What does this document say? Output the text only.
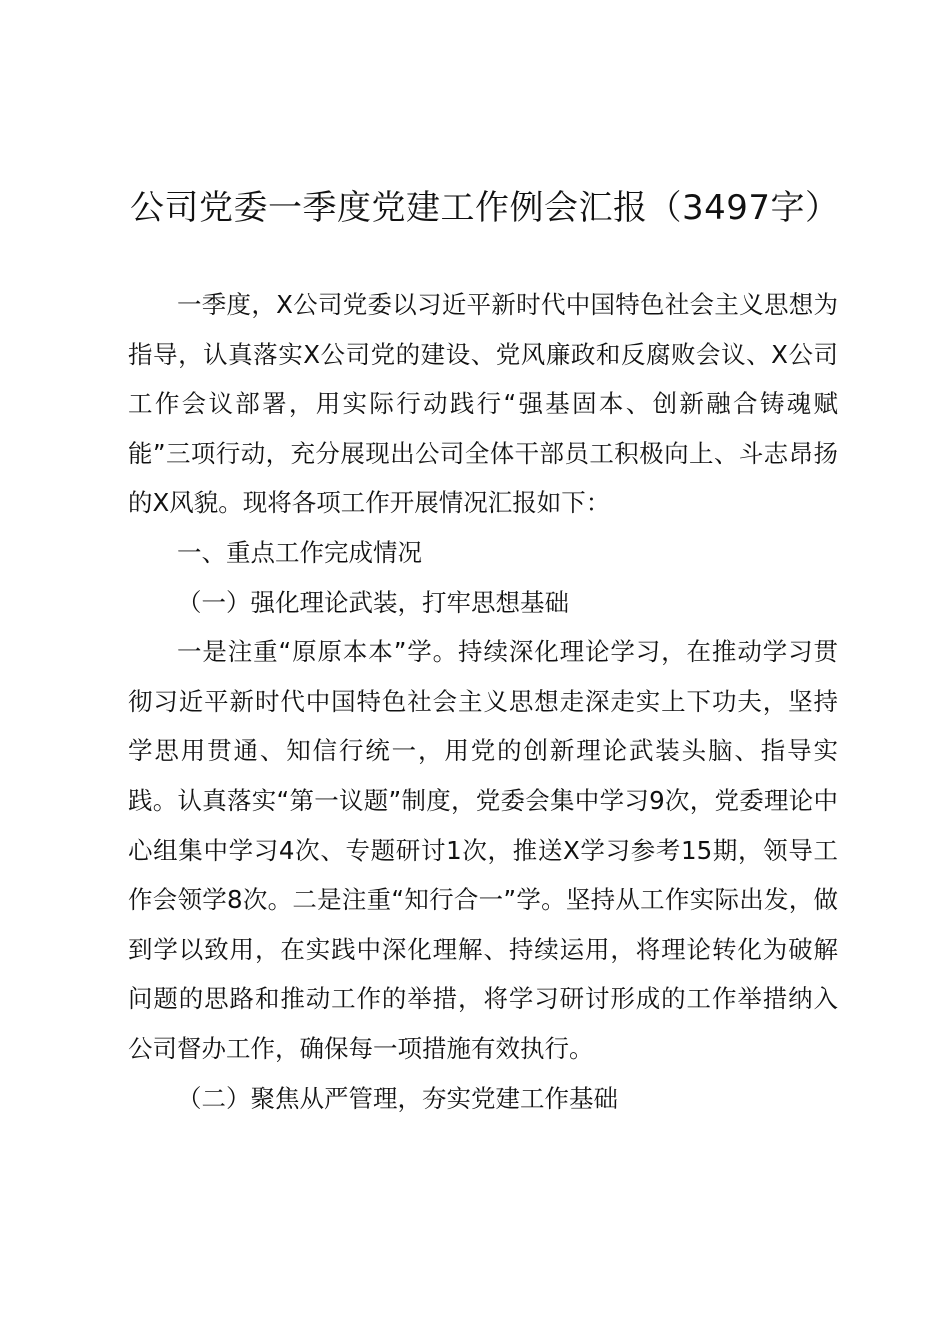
公司党委一季度党建工作例会汇报（3497字）

一季度，X公司党委以习近平新时代中国特色社会主义思想为指导，认真落实X公司党的建设、党风廉政和反腐败会议、X公司工作会议部署，用实际行动践行“强基固本、创新融合铸魂赋能”三项行动，充分展现出公司全体干部员工积极向上、斗志昂扬的X风貌。现将各项工作开展情况汇报如下：

一、重点工作完成情况

（一）强化理论武装，打牢思想基础

一是注重“原原本本”学。持续深化理论学习，在推动学习贯彻习近平新时代中国特色社会主义思想走深走实上下功夫，坚持学思用贯通、知信行统一，用党的创新理论武装头脑、指导实践。认真落实“第一议题”制度，党委会集中学习9次，党委理论中心组集中学习4次、专题研讨1次，推送X学习参考15期，领导工作会领学8次。二是注重“知行合一”学。坚持从工作实际出发，做到学以致用，在实践中深化理解、持续运用，将理论转化为破解问题的思路和推动工作的举措，将学习研讨形成的工作举措纳入公司督办工作，确保每一项措施有效执行。

（二）聚焦从严管理，夯实党建工作基础
